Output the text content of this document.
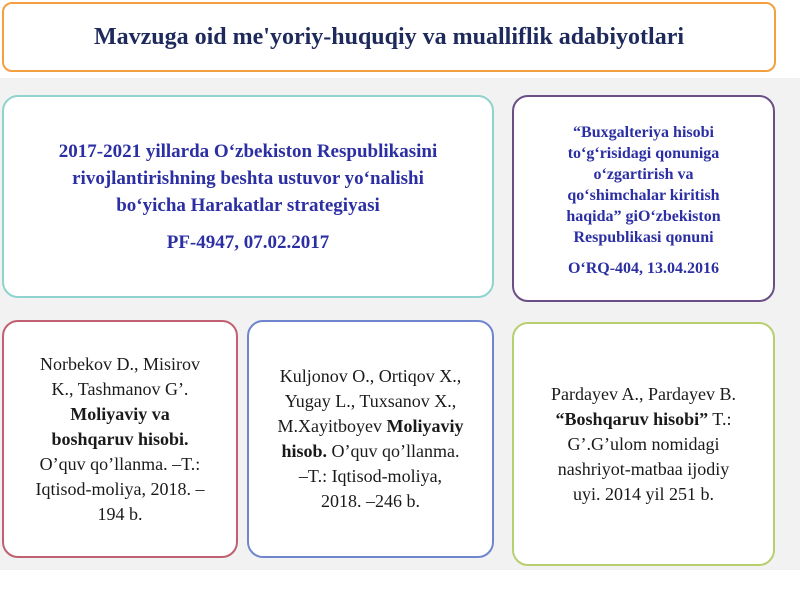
Mavzuga oid me'yoriy-huquqiy va mualliflik adabiyotlari
2017-2021 yillarda O‘zbekiston Respublikasini
rivojlantirishning beshta ustuvor yo‘nalishi
bo‘yicha Harakatlar strategiyasi
PF-4947, 07.02.2017
“Buxgalteriya hisobi
to‘g‘risidagi qonuniga
o‘zgartirish va
qo‘shimchalar kiritish
haqida” giO‘zbekiston
Respublikasi qonuni
O‘RQ-404, 13.04.2016
Norbekov D., Misirov
K., Tashmanov G’.
Moliyaviy va
boshqaruv hisobi.
O’quv qo’llanma. –T.:
Iqtisod-moliya, 2018. –
194 b.
Kuljonov O., Ortiqov X.,
Yugay L., Tuxsanov X.,
M.Xayitboyev Moliyaviy
hisob. O’quv qo’llanma.
–T.: Iqtisod-moliya,
2018. –246 b.
Pardayev A., Pardayev B.
“Boshqaruv hisobi” T.:
G’.G’ulom nomidagi
nashriyot-matbaa ijodiy
uyi. 2014 yil 251 b.
